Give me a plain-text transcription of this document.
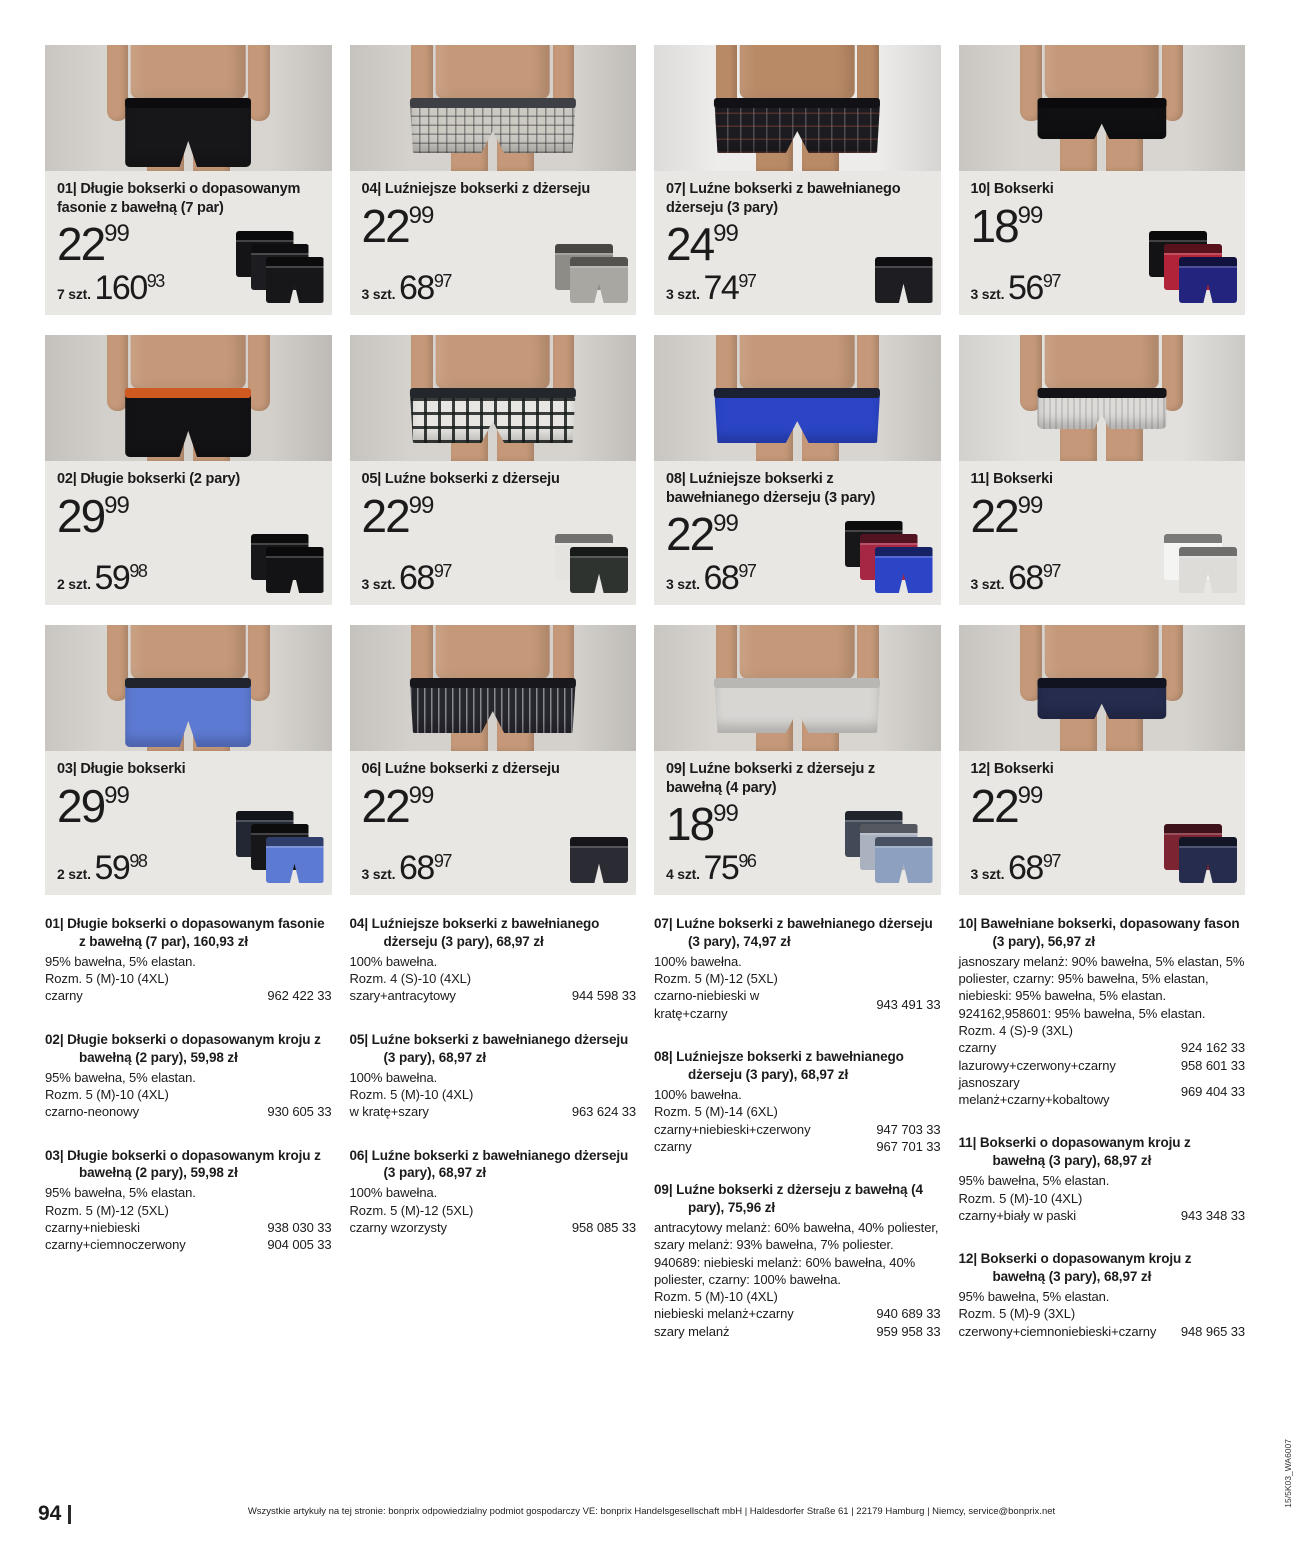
01| Długie bokserki o dopasowanym fasonie z bawełną (7 par)
$22^{99}$
7 szt. $160^{93}$
04| Luźniejsze bokserki z dżerseju
$22^{99}$
3 szt. $68^{97}$
07| Luźne bokserki z bawełnianego dżerseju (3 pary)
$24^{99}$
3 szt. $74^{97}$
10| Bokserki
$18^{99}$
3 szt. $56^{97}$
02| Długie bokserki (2 pary)
$29^{99}$
2 szt. $59^{98}$
05| Luźne bokserki z dżerseju
$22^{99}$
3 szt. $68^{97}$
08| Luźniejsze bokserki z bawełnianego dżerseju (3 pary)
$22^{99}$
3 szt. $68^{97}$
11| Bokserki
$22^{99}$
3 szt. $68^{97}$
03| Długie bokserki
$29^{99}$
2 szt. $59^{98}$
06| Luźne bokserki z dżerseju
$22^{99}$
3 szt. $68^{97}$
09| Luźne bokserki z dżerseju z bawełną (4 pary)
$18^{99}$
4 szt. $75^{96}$
12| Bokserki
$22^{99}$
3 szt. $68^{97}$
01| Długie bokserki o dopasowanym fasonie z bawełną (7 par), 160,93 zł
95% bawełna, 5% elastan.
Rozm. 5 (M)-10 (4XL)
czarny	962 422 33
02| Długie bokserki o dopasowanym kroju z bawełną (2 pary), 59,98 zł
95% bawełna, 5% elastan.
Rozm. 5 (M)-10 (4XL)
czarno-neonowy	930 605 33
03| Długie bokserki o dopasowanym kroju z bawełną (2 pary), 59,98 zł
95% bawełna, 5% elastan.
Rozm. 5 (M)-12 (5XL)
czarny+niebieski	938 030 33
czarny+ciemnoczerwony	904 005 33
04| Luźniejsze bokserki z bawełnianego dżerseju (3 pary), 68,97 zł
100% bawełna.
Rozm. 4 (S)-10 (4XL)
szary+antracytowy	944 598 33
05| Luźne bokserki z bawełnianego dżerseju (3 pary), 68,97 zł
100% bawełna.
Rozm. 5 (M)-10 (4XL)
w kratę+szary	963 624 33
06| Luźne bokserki z bawełnianego dżerseju (3 pary), 68,97 zł
100% bawełna.
Rozm. 5 (M)-12 (5XL)
czarny wzorzysty	958 085 33
07| Luźne bokserki z bawełnianego dżerseju (3 pary), 74,97 zł
100% bawełna.
Rozm. 5 (M)-12 (5XL)
czarno-niebieski w kratę+czarny
943 491 33
08| Luźniejsze bokserki z bawełnianego dżerseju (3 pary), 68,97 zł
100% bawełna.
Rozm. 5 (M)-14 (6XL)
czarny+niebieski+czerwony	947 703 33
czarny	967 701 33
09| Luźne bokserki z dżerseju z bawełną (4 pary), 75,96 zł
antracytowy melanż: 60% bawełna, 40% poliester, szary melanż: 93% bawełna, 7% poliester. 940689: niebieski melanż: 60% bawełna, 40% poliester, czarny: 100% bawełna.
Rozm. 5 (M)-10 (4XL)
niebieski melanż+czarny	940 689 33
szary melanż	959 958 33
10| Bawełniane bokserki, dopasowany fason (3 pary), 56,97 zł
jasnoszary melanż: 90% bawełna, 5% elastan, 5% poliester, czarny: 95% bawełna, 5% elastan, niebieski: 95% bawełna, 5% elastan. 924162,958601: 95% bawełna, 5% elastan.
Rozm. 4 (S)-9 (3XL)
czarny	924 162 33
lazurowy+czerwony+czarny	958 601 33
jasnoszary melanż+czarny+kobaltowy
969 404 33
11| Bokserki o dopasowanym kroju z bawełną (3 pary), 68,97 zł
95% bawełna, 5% elastan.
Rozm. 5 (M)-10 (4XL)
czarny+biały w paski	943 348 33
12| Bokserki o dopasowanym kroju z bawełną (3 pary), 68,97 zł
95% bawełna, 5% elastan.
Rozm. 5 (M)-9 (3XL)
czerwony+ciemnoniebieski+czarny 948 965 33
94	Wszystkie artykuły na tej stronie: bonprix odpowiedzialny podmiot gospodarczy VE: bonprix Handelsgesellschaft mbH | Haldesdorfer Straße 61 | 22179 Hamburg | Niemcy, service@bonprix.net
15/5K03_WA6007
